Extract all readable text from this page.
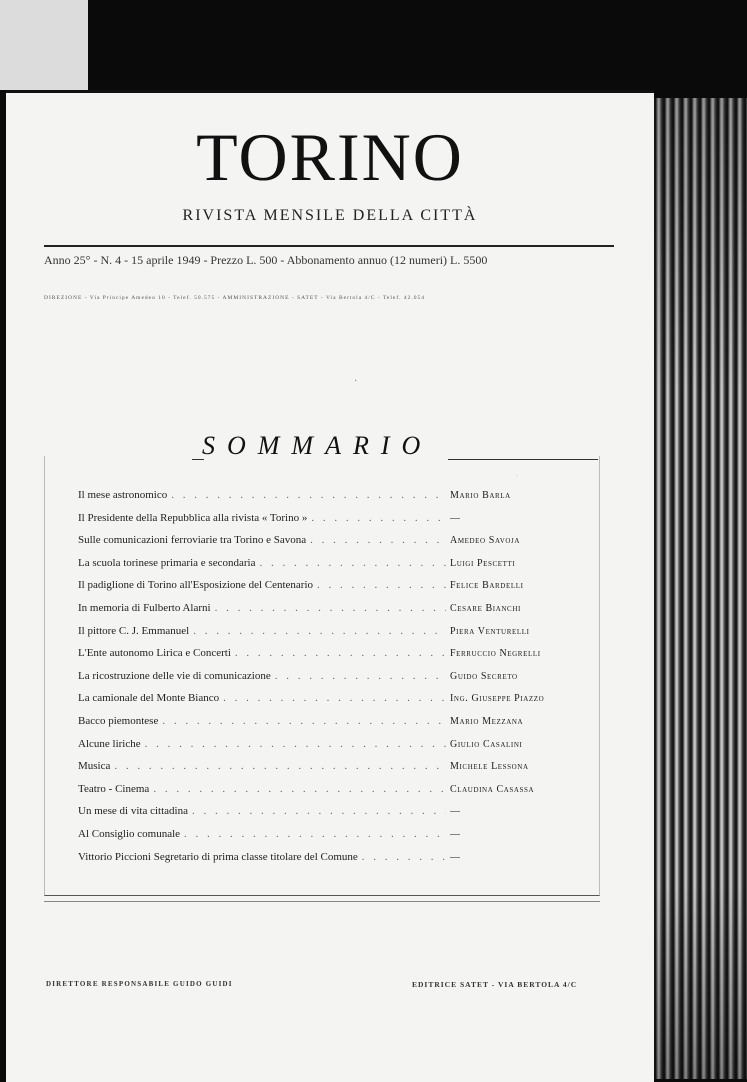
TORINO
RIVISTA MENSILE DELLA CITTÀ
Anno 25° - N. 4 - 15 aprile 1949 - Prezzo L. 500 - Abbonamento annuo (12 numeri) L. 5500
DIREZIONE - Via Principe Amedeo 10 - Telef. 50.575 - AMMINISTRAZIONE - SATET - Via Bertola 4/C - Telef. 42.054
·
SOMMARIO
·
Il mese astronomico . . .	Mario Barla
Il Presidente della Repubblica alla rivista « Torino » . . .	—
Sulle comunicazioni ferroviarie tra Torino e Savona . . .	Amedeo Savoja
La scuola torinese primaria e secondaria . . .	Luigi Pescetti
Il padiglione di Torino all'Esposizione del Centenario . . .	Felice Bardelli
In memoria di Fulberto Alarni . . .	Cesare Bianchi
Il pittore C. J. Emmanuel . . .	Piera Venturelli
L'Ente autonomo Lirica e Concerti . . .	Ferruccio Negrelli
La ricostruzione delle vie di comunicazione . . .	Guido Secreto
La camionale del Monte Bianco . . .	Ing. Giuseppe Piazzo
Bacco piemontese . . .	Mario Mezzana
Alcune liriche . . .	Giulio Casalini
Musica . . .	Michele Lessona
Teatro - Cinema . . .	Claudina Casassa
Un mese di vita cittadina . . .	—
Al Consiglio comunale . . .	—
Vittorio Piccioni Segretario di prima classe titolare del Comune . . .	—
DIRETTORE RESPONSABILE GUIDO GUIDI	EDITRICE SATET - VIA BERTOLA 4/C
